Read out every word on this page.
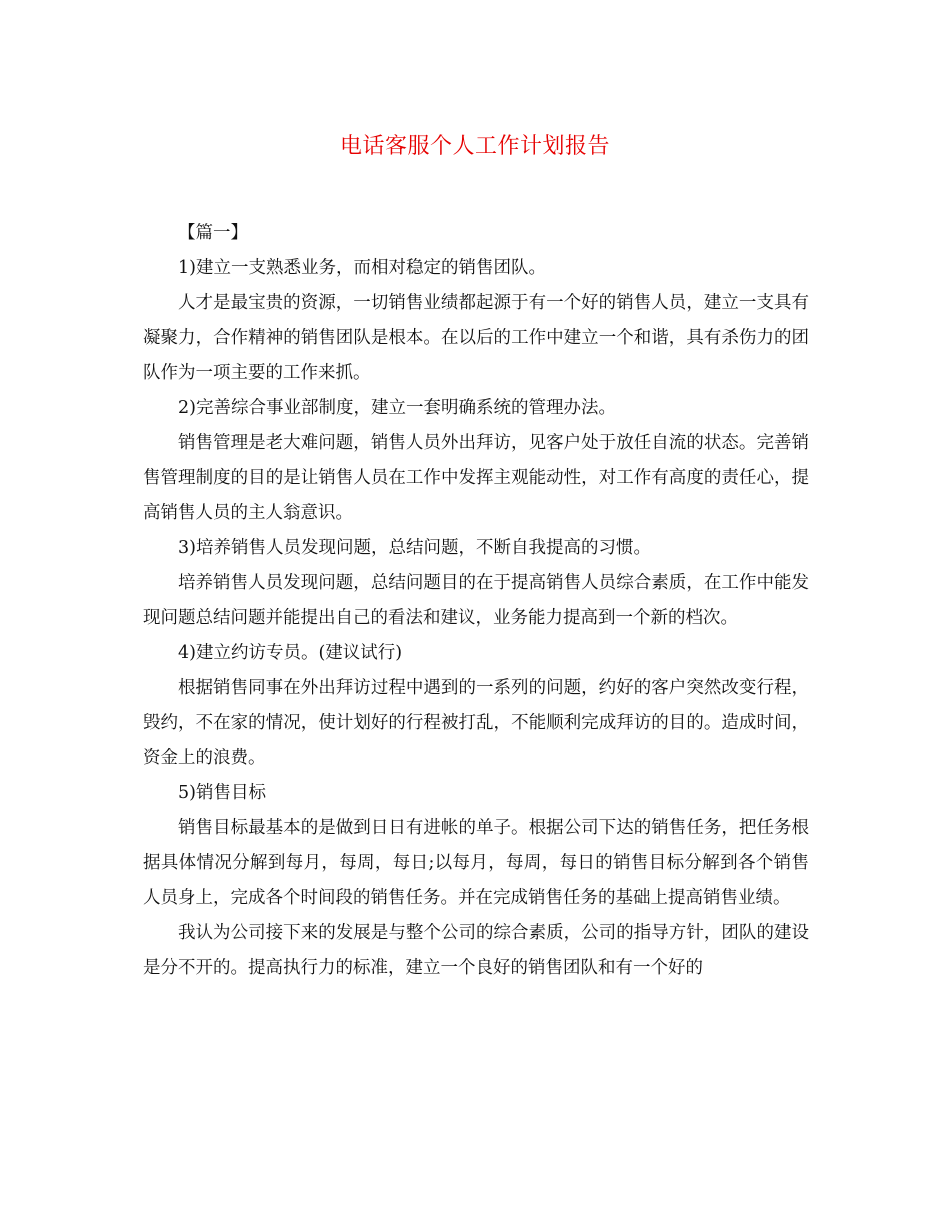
电话客服个人工作计划报告

【篇一】

1)建立一支熟悉业务，而相对稳定的销售团队。

人才是最宝贵的资源，一切销售业绩都起源于有一个好的销售人员，建立一支具有凝聚力，合作精神的销售团队是根本。在以后的工作中建立一个和谐，具有杀伤力的团队作为一项主要的工作来抓。

2)完善综合事业部制度，建立一套明确系统的管理办法。

销售管理是老大难问题，销售人员外出拜访，见客户处于放任自流的状态。完善销售管理制度的目的是让销售人员在工作中发挥主观能动性，对工作有高度的责任心，提高销售人员的主人翁意识。

3)培养销售人员发现问题，总结问题，不断自我提高的习惯。

培养销售人员发现问题，总结问题目的在于提高销售人员综合素质，在工作中能发现问题总结问题并能提出自己的看法和建议，业务能力提高到一个新的档次。

4)建立约访专员。(建议试行)

根据销售同事在外出拜访过程中遇到的一系列的问题，约好的客户突然改变行程，毁约，不在家的情况，使计划好的行程被打乱，不能顺利完成拜访的目的。造成时间，资金上的浪费。

5)销售目标

销售目标最基本的是做到日日有进帐的单子。根据公司下达的销售任务，把任务根据具体情况分解到每月，每周，每日;以每月，每周，每日的销售目标分解到各个销售人员身上，完成各个时间段的销售任务。并在完成销售任务的基础上提高销售业绩。

我认为公司接下来的发展是与整个公司的综合素质，公司的指导方针，团队的建设是分不开的。提高执行力的标准，建立一个良好的销售团队和有一个好的
